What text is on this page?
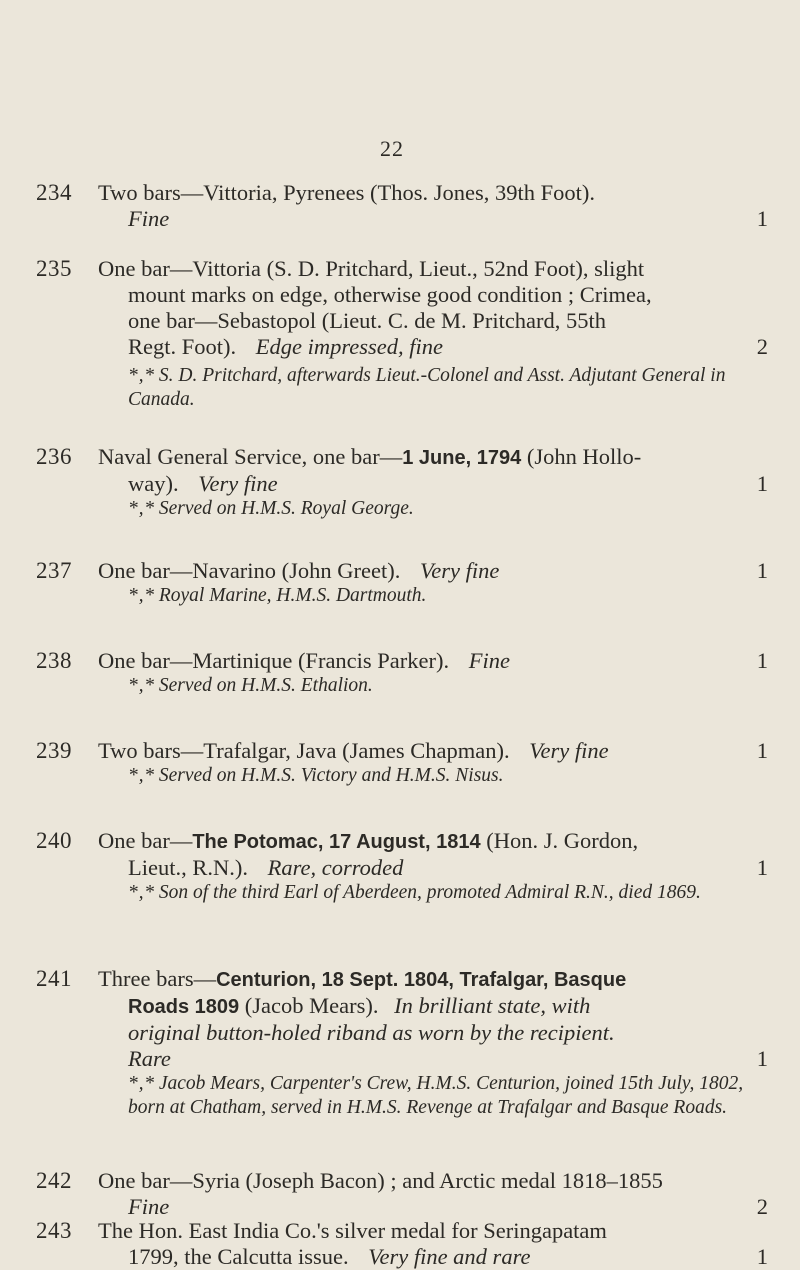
22
234 Two bars—Vittoria, Pyrenees (Thos. Jones, 39th Foot).
Fine	1
235 One bar—Vittoria (S. D. Pritchard, Lieut., 52nd Foot), slight
mount marks on edge, otherwise good condition ; Crimea,
one bar—Sebastopol (Lieut. C. de M. Pritchard, 55th
Regt. Foot). Edge impressed, fine	2
*‚* S. D. Pritchard, afterwards Lieut.-Colonel and Asst. Adjutant General in Canada.
236 Naval General Service, one bar—1 June, 1794 (John Hollo-
way). Very fine	1
*‚* Served on H.M.S. Royal George.
237 One bar—Navarino (John Greet). Very fine	1
*‚* Royal Marine, H.M.S. Dartmouth.
238 One bar—Martinique (Francis Parker). Fine	1
*‚* Served on H.M.S. Ethalion.
239 Two bars—Trafalgar, Java (James Chapman). Very fine	1
*‚* Served on H.M.S. Victory and H.M.S. Nisus.
240 One bar—The Potomac, 17 August, 1814 (Hon. J. Gordon,
Lieut., R.N.). Rare, corroded	1
*‚* Son of the third Earl of Aberdeen, promoted Admiral R.N., died 1869.
241 Three bars—Centurion, 18 Sept. 1804, Trafalgar, Basque
Roads 1809 (Jacob Mears). In brilliant state, with
original button-holed riband as worn by the recipient.
Rare	1
*‚* Jacob Mears, Carpenter's Crew, H.M.S. Centurion, joined 15th July, 1802, born at Chatham, served in H.M.S. Revenge at Trafalgar and Basque Roads.
242 One bar—Syria (Joseph Bacon) ; and Arctic medal 1818–1855
Fine	2
243 The Hon. East India Co.'s silver medal for Seringapatam
1799, the Calcutta issue. Very fine and rare	1
